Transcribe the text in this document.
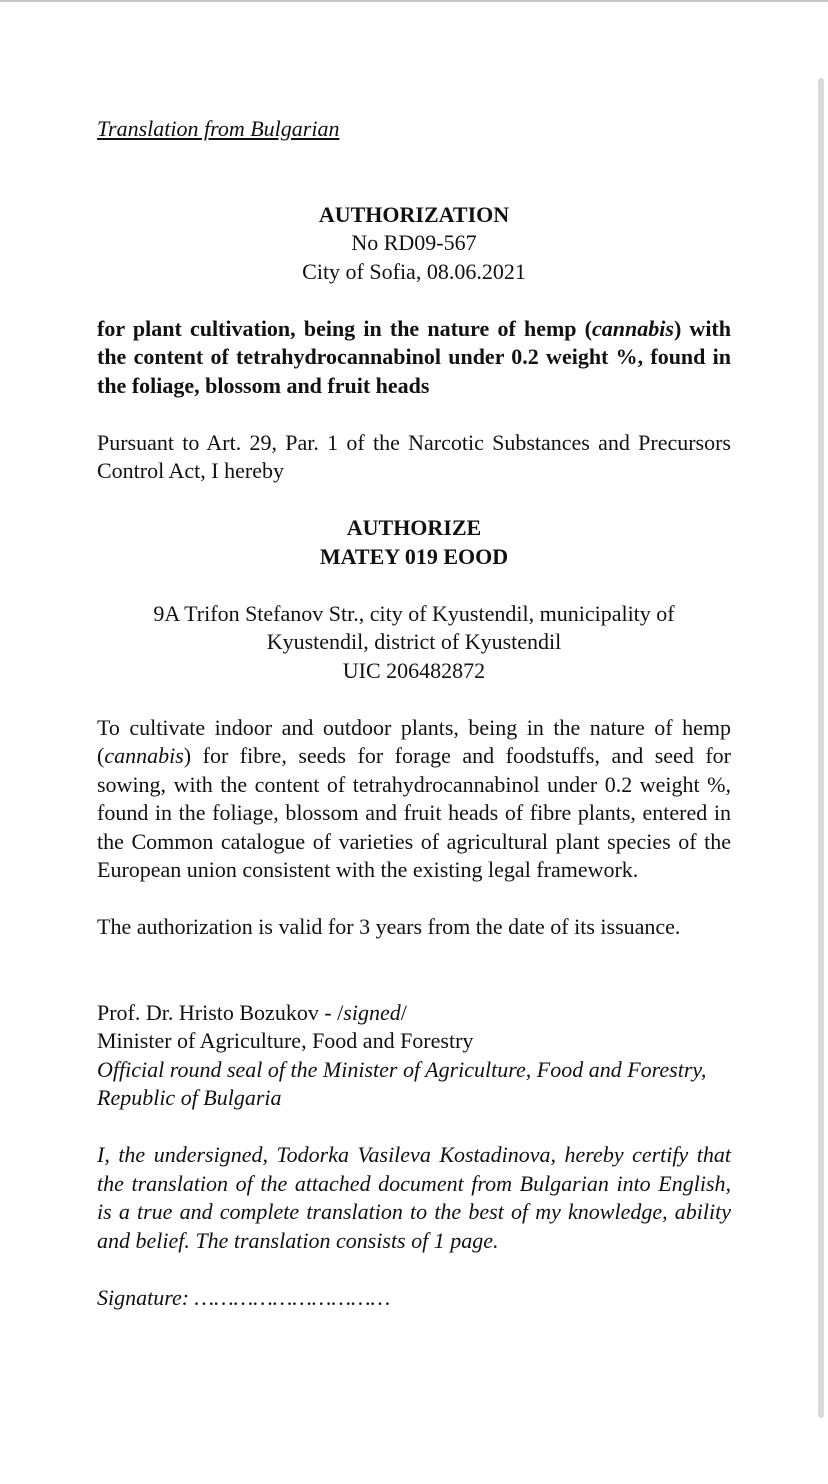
Translation from Bulgarian

AUTHORIZATION

No RD09-567

City of Sofia, 08.06.2021

for plant cultivation, being in the nature of hemp (cannabis) with the content of tetrahydrocannabinol under 0.2 weight %, found in the foliage, blossom and fruit heads

Pursuant to Art. 29, Par. 1 of the Narcotic Substances and Precursors Control Act, I hereby

AUTHORIZE

MATEY 019 EOOD

9A Trifon Stefanov Str., city of Kyustendil, municipality of

Kyustendil, district of Kyustendil

UIC 206482872

To cultivate indoor and outdoor plants, being in the nature of hemp (cannabis) for fibre, seeds for forage and foodstuffs, and seed for sowing, with the content of tetrahydrocannabinol under 0.2 weight %, found in the foliage, blossom and fruit heads of fibre plants, entered in the Common catalogue of varieties of agricultural plant species of the European union consistent with the existing legal framework.

The authorization is valid for 3 years from the date of its issuance.

Prof. Dr. Hristo Bozukov - /signed/

Minister of Agriculture, Food and Forestry

Official round seal of the Minister of Agriculture, Food and Forestry, Republic of Bulgaria

I, the undersigned, Todorka Vasileva Kostadinova, hereby certify that the translation of the attached document from Bulgarian into English, is a true and complete translation to the best of my knowledge, ability and belief. The translation consists of 1 page.

Signature: …………………………
